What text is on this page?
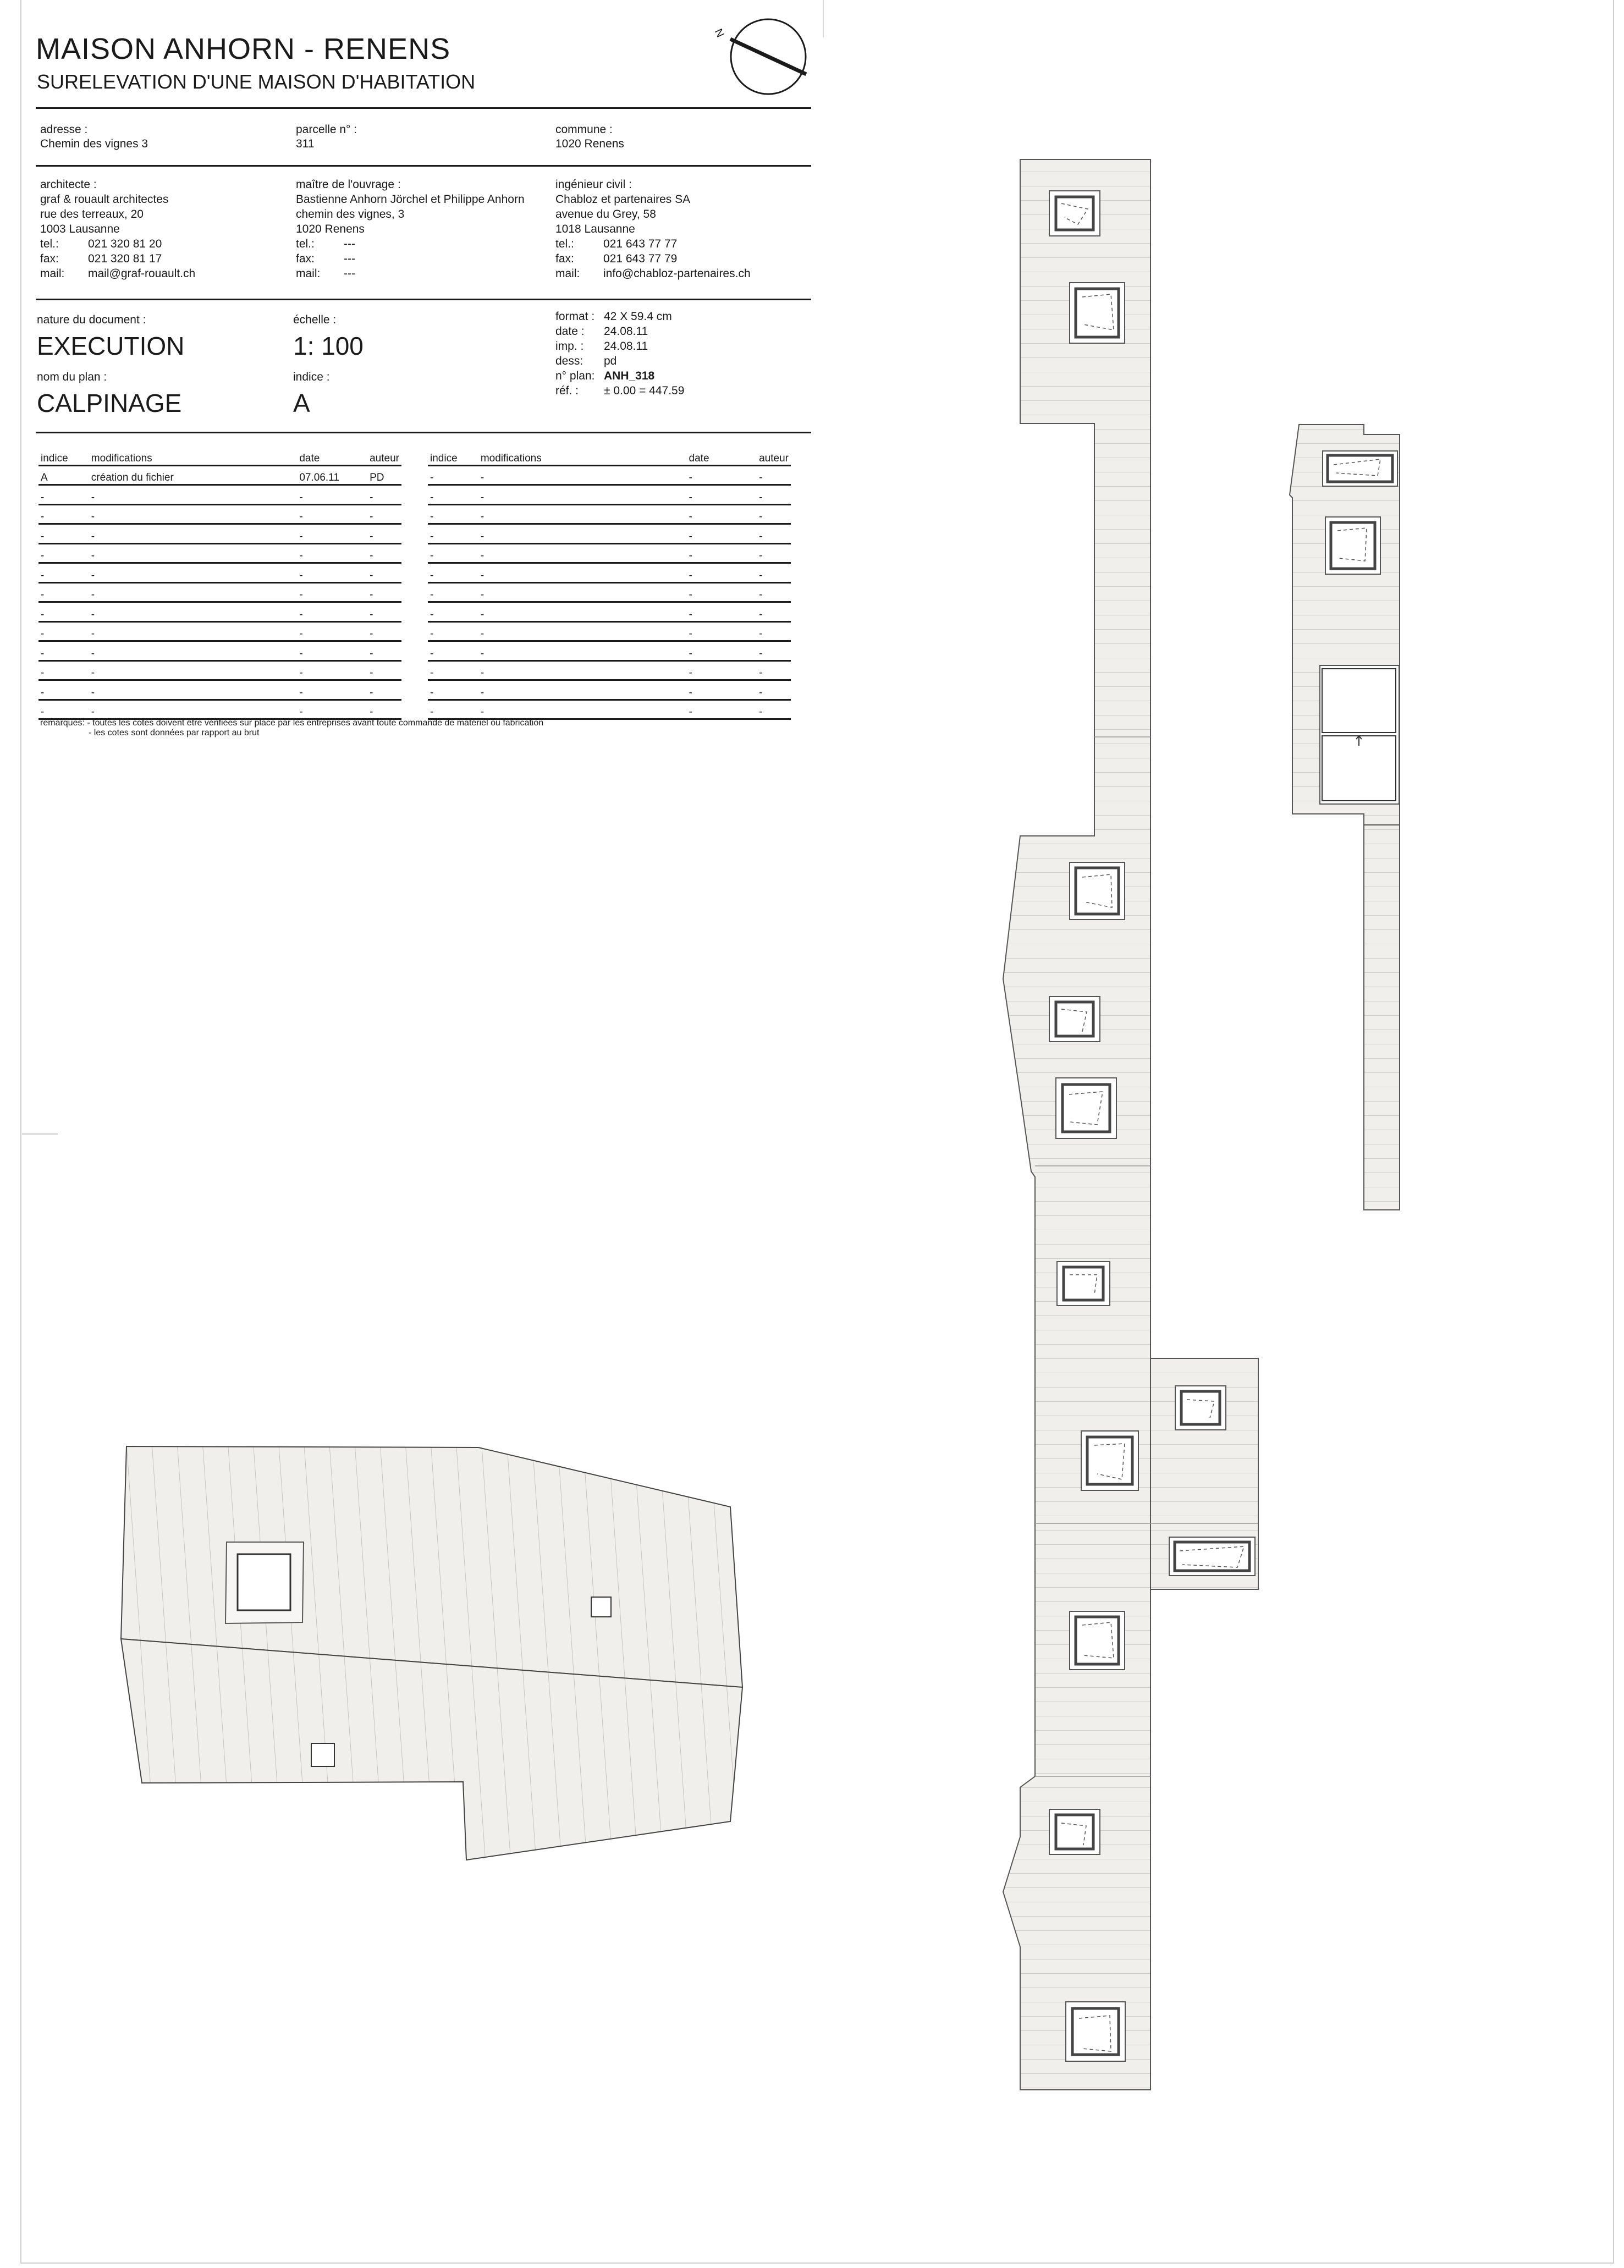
MAISON ANHORN - RENENS
SURELEVATION D'UNE MAISON D'HABITATION
N
adresse :
Chemin des vignes 3
parcelle n° :
311
commune :
1020 Renens
architecte :
graf & rouault architectes
rue des terreaux, 20
1003 Lausanne
tel.:	021 320 81 20
fax:	021 320 81 17
mail: mail@graf-rouault.ch
maître de l'ouvrage :
Bastienne Anhorn Jörchel et Philippe Anhorn
chemin des vignes, 3
1020 Renens
tel.:	---
fax:	---
mail: ---
ingénieur civil :
Chabloz et partenaires SA
avenue du Grey, 58
1018 Lausanne
tel.:	021 643 77 77
fax:	021 643 77 79
mail: info@chabloz-partenaires.ch
nature du document :
EXECUTION
nom du plan :
CALPINAGE
échelle :
1: 100
indice :
A
format : 42 X 59.4 cm
date : 24.08.11
imp. : 24.08.11
dess: pd
n° plan: ANH_318
réf. : ± 0.00 = 447.59
indice	modifications	date	auteur
A	création du fichier	07.06.11	PD
-	-	-	-
-	-	-	-
-	-	-	-
-	-	-	-
-	-	-	-
-	-	-	-
-	-	-	-
-	-	-	-
-	-	-	-
-	-	-	-
-	-	-	-
-	-	-	-
indice	modifications	date	auteur
-	-	-	-
-	-	-	-
-	-	-	-
-	-	-	-
-	-	-	-
-	-	-	-
-	-	-	-
-	-	-	-
-	-	-	-
-	-	-	-
-	-	-	-
-	-	-	-
-	-	-	-
remarques: - toutes les cotes doivent être vérifiées sur place par les entreprises avant toute commande de matériel ou fabrication
- les cotes sont données par rapport au brut
